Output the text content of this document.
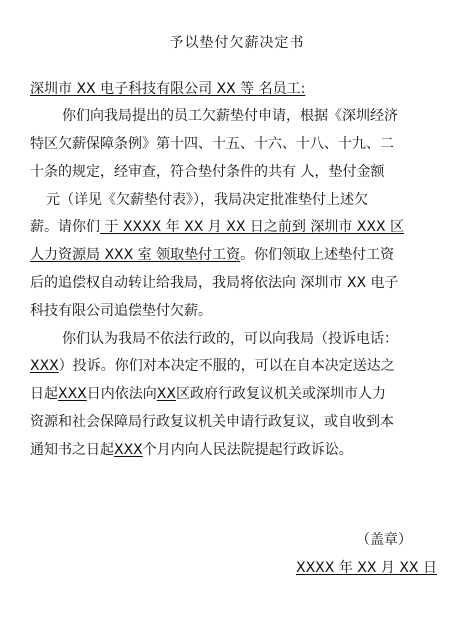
予以垫付欠薪决定书
深圳市 XX 电子科技有限公司 XX 等 名员工:
你们向我局提出的员工欠薪垫付申请，根据《深圳经济
特区欠薪保障条例》第十四、十五、十六、十八、十九、二
十条的规定，经审查，符合垫付条件的共有 人，垫付金额
元（详见《欠薪垫付表》），我局决定批准垫付上述欠
薪。请你们 于 XXXX 年 XX 月 XX 日之前到 深圳市 XXX 区
人力资源局 XXX 室 领取垫付工资。你们领取上述垫付工资
后的追偿权自动转让给我局，我局将依法向 深圳市 XX 电子
科技有限公司追偿垫付欠薪。
你们认为我局不依法行政的，可以向我局（投诉电话：
XXX）投诉。你们对本决定不服的，可以在自本决定送达之
日起XXX日内依法向XX区政府行政复议机关或深圳市人力
资源和社会保障局行政复议机关申请行政复议，或自收到本
通知书之日起XXX个月内向人民法院提起行政诉讼。
（盖章）
XXXX 年 XX 月 XX 日
